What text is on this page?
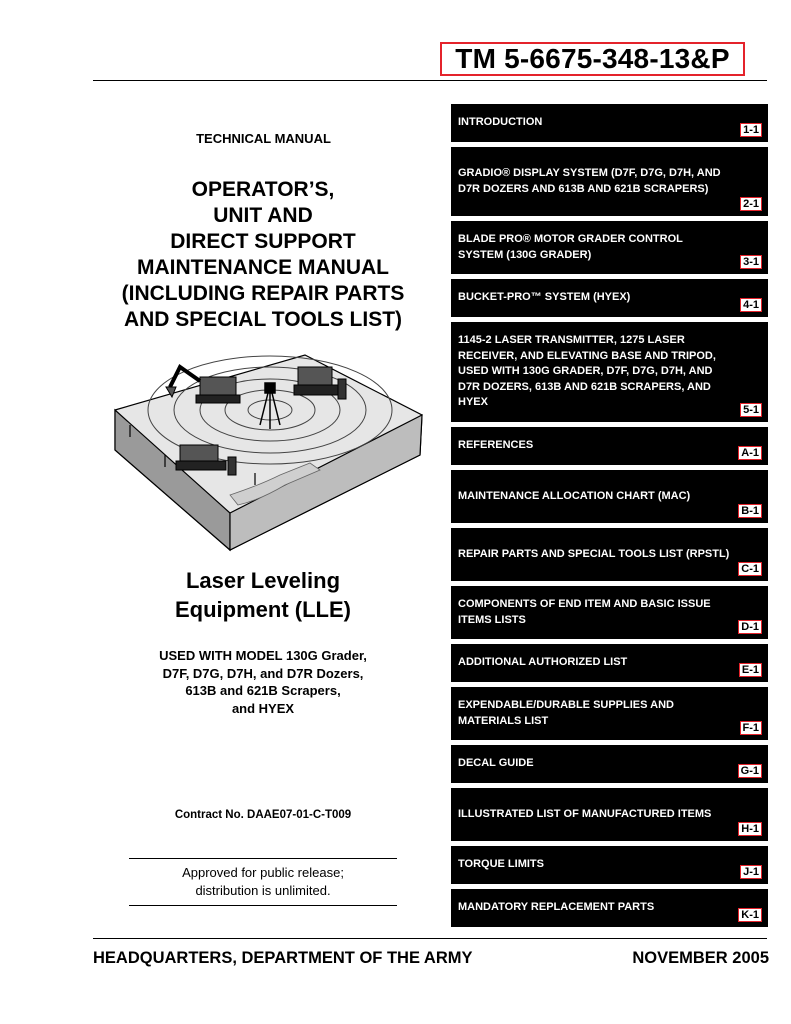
TM 5-6675-348-13&P
TECHNICAL MANUAL
OPERATOR’S,
UNIT AND
DIRECT SUPPORT
MAINTENANCE MANUAL
(INCLUDING REPAIR PARTS
AND SPECIAL TOOLS LIST)
Laser Leveling
Equipment (LLE)
USED WITH MODEL 130G Grader,
D7F, D7G, D7H, and D7R Dozers,
613B and 621B Scrapers,
and HYEX
Contract No. DAAE07-01-C-T009
Approved for public release;
distribution is unlimited.
INTRODUCTION
1-1
GRADIO® DISPLAY SYSTEM (D7F, D7G, D7H, AND D7R DOZERS AND 613B AND 621B SCRAPERS)
2-1
BLADE PRO® MOTOR GRADER CONTROL SYSTEM (130G GRADER)
3-1
BUCKET-PRO™ SYSTEM (HYEX)
4-1
1145-2 LASER TRANSMITTER, 1275 LASER RECEIVER, AND ELEVATING BASE AND TRIPOD, USED WITH 130G GRADER, D7F, D7G, D7H, AND D7R DOZERS, 613B AND 621B SCRAPERS, AND HYEX
5-1
REFERENCES
A-1
MAINTENANCE ALLOCATION CHART (MAC)
B-1
REPAIR PARTS AND SPECIAL TOOLS LIST (RPSTL)
C-1
COMPONENTS OF END ITEM AND BASIC ISSUE ITEMS LISTS
D-1
ADDITIONAL AUTHORIZED LIST
E-1
EXPENDABLE/DURABLE SUPPLIES AND MATERIALS LIST
F-1
DECAL GUIDE
G-1
ILLUSTRATED LIST OF MANUFACTURED ITEMS
H-1
TORQUE LIMITS
J-1
MANDATORY REPLACEMENT PARTS
K-1
HEADQUARTERS, DEPARTMENT OF THE ARMY	NOVEMBER 2005
